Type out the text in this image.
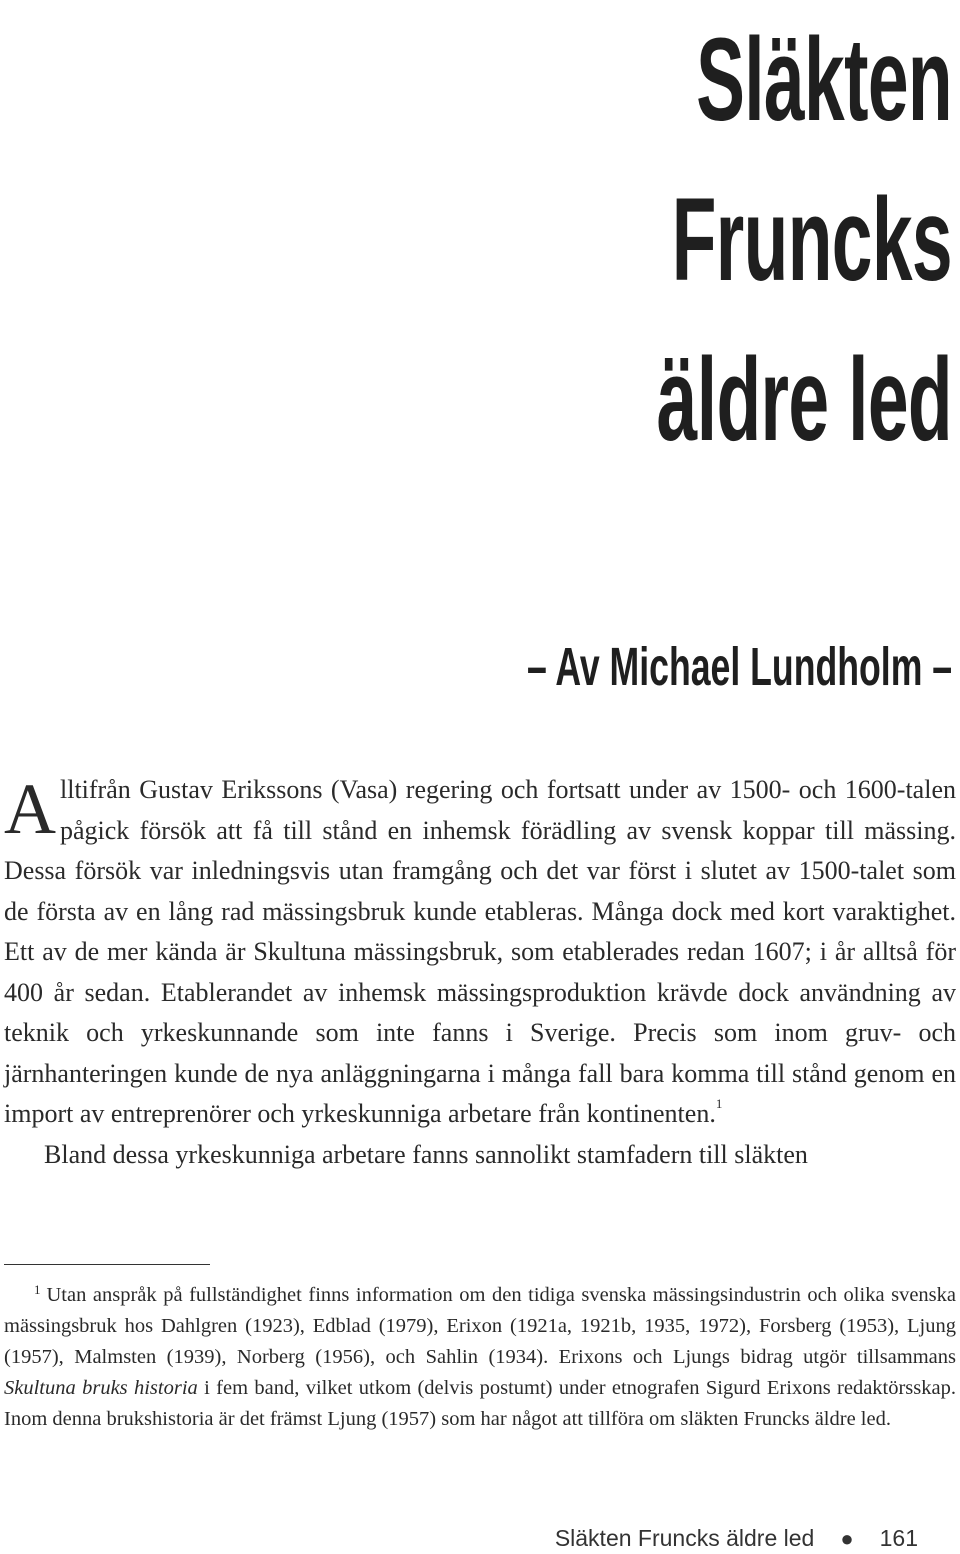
Släkten Fruncks
äldre led
– Av Michael Lundholm –

Alltifrån Gustav Erikssons (Vasa) regering och fortsatt under av 1500- och 1600-talen pågick försök att få till stånd en inhemsk förädling av svensk koppar till mässing. Dessa försök var inledningsvis utan framgång och det var först i slutet av 1500-talet som de första av en lång rad mässingsbruk kunde etableras. Många dock med kort varaktighet. Ett av de mer kända är Skultuna mässingsbruk, som etablerades redan 1607; i år alltså för 400 år sedan. Etablerandet av inhemsk mässingsproduktion krävde dock användning av teknik och yrkeskunnande som inte fanns i Sverige. Precis som inom gruv- och järnhanteringen kunde de nya anläggningarna i många fall bara komma till stånd genom en import av entreprenörer och yrkeskunniga arbetare från kontinenten.$^1$

Bland dessa yrkeskunniga arbetare fanns sannolikt stamfadern till släkten

$^1$ Utan anspråk på fullständighet finns information om den tidiga svenska mässingsindustrin och olika svenska mässingsbruk hos Dahlgren (1923), Edblad (1979), Erixon (1921a, 1921b, 1935, 1972), Forsberg (1953), Ljung (1957), Malmsten (1939), Norberg (1956), och Sahlin (1934). Erixons och Ljungs bidrag utgör tillsammans Skultuna bruks historia i fem band, vilket utkom (delvis postumt) under etnografen Sigurd Erixons redaktörsskap. Inom denna brukshistoria är det främst Ljung (1957) som har något att tillföra om släkten Fruncks äldre led.
Släkten Fruncks äldre led ● 161
